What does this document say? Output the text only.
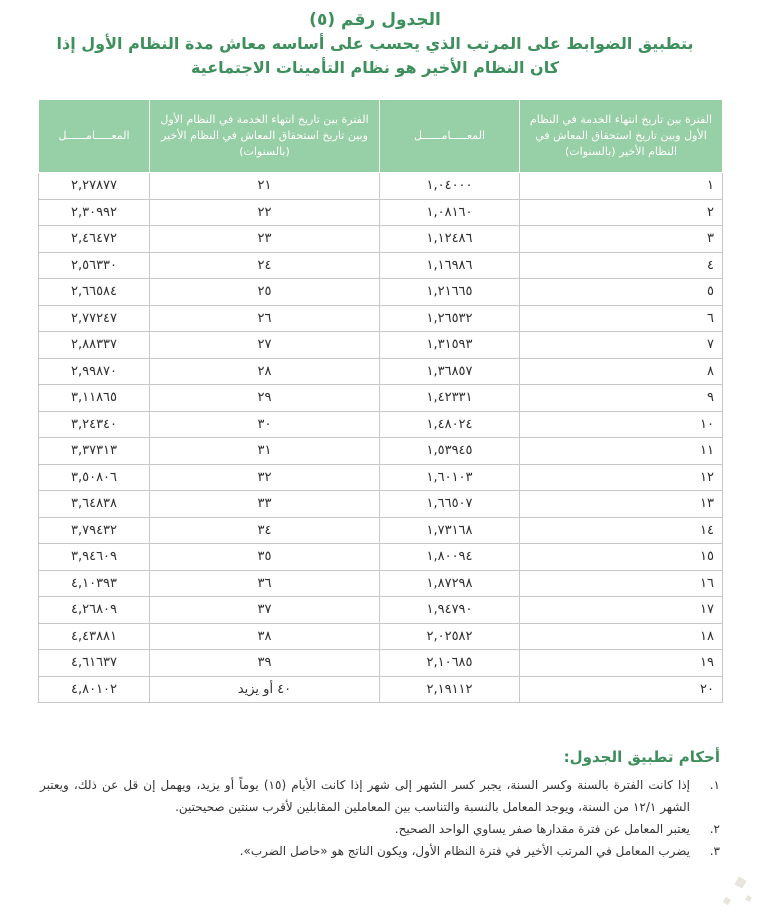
الجدول رقم (٥)
بتطبيق الضوابط على المرتب الذي يحسب على أساسه معاش مدة النظام الأول إذا
كان النظام الأخير هو نظام التأمينات الاجتماعية
الفترة بين تاريخ انتهاء الخدمة في النظام الأول وبين تاريخ استحقاق المعاش في النظام الأخير (بالسنوات)	المعـــــامــــــل	الفترة بين تاريخ انتهاء الخدمة في النظام الأول وبين تاريخ استحقاق المعاش في النظام الأخير (بالسنوات)	المعـــــامــــــل
١	١,٠٤٠٠٠	٢١	٢,٢٧٨٧٧
٢	١,٠٨١٦٠	٢٢	٢,٣٠٩٩٢
٣	١,١٢٤٨٦	٢٣	٢,٤٦٤٧٢
٤	١,١٦٩٨٦	٢٤	٢,٥٦٣٣٠
٥	١,٢١٦٦٥	٢٥	٢,٦٦٥٨٤
٦	١,٢٦٥٣٢	٢٦	٢,٧٧٢٤٧
٧	١,٣١٥٩٣	٢٧	٢,٨٨٣٣٧
٨	١,٣٦٨٥٧	٢٨	٢,٩٩٨٧٠
٩	١,٤٢٣٣١	٢٩	٣,١١٨٦٥
١٠	١,٤٨٠٢٤	٣٠	٣,٢٤٣٤٠
١١	١,٥٣٩٤٥	٣١	٣,٣٧٣١٣
١٢	١,٦٠١٠٣	٣٢	٣,٥٠٨٠٦
١٣	١,٦٦٥٠٧	٣٣	٣,٦٤٨٣٨
١٤	١,٧٣١٦٨	٣٤	٣,٧٩٤٣٢
١٥	١,٨٠٠٩٤	٣٥	٣,٩٤٦٠٩
١٦	١,٨٧٢٩٨	٣٦	٤,١٠٣٩٣
١٧	١,٩٤٧٩٠	٣٧	٤,٢٦٨٠٩
١٨	٢,٠٢٥٨٢	٣٨	٤,٤٣٨٨١
١٩	٢,١٠٦٨٥	٣٩	٤,٦١٦٣٧
٢٠	٢,١٩١١٢	٤٠ أو يزيد	٤,٨٠١٠٢
أحكام تطبيق الجدول:
١.
إذا كانت الفترة بالسنة وكسر السنة، يجبر كسر الشهر إلى شهر إذا كانت الأيام (١٥) يوماً أو يزيد، ويهمل إن قل عن ذلك، ويعتبر الشهر ١٢/١ من السنة، ويوجد المعامل بالنسبة والتناسب بين المعاملين المقابلين لأقرب سنتين صحيحتين.
٢.
يعتبر المعامل عن فترة مقدارها صفر يساوي الواحد الصحيح.
٣.
يضرب المعامل في المرتب الأخير في فترة النظام الأول، ويكون الناتج هو «حاصل الضرب».
